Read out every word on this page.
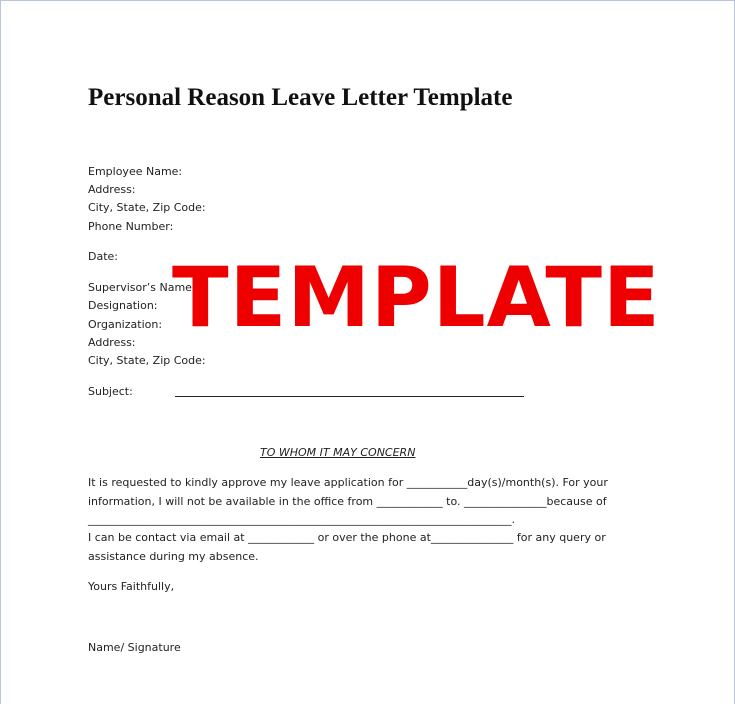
Personal Reason Leave Letter Template
Employee Name:
Address:
City, State, Zip Code:
Phone Number:
Date:
Supervisor’s Name
Designation:
Organization:
Address:
City, State, Zip Code:
Subject:
TO WHOM IT MAY CONCERN
It is requested to kindly approve my leave application for ___________day(s)/month(s). For your
information, I will not be available in the office from ____________ to. _______________because of
_____________________________________________________________________________.
I can be contact via email at ____________ or over the phone at_______________ for any query or
assistance during my absence.
Yours Faithfully,
Name/ Signature
TEMPLATE
